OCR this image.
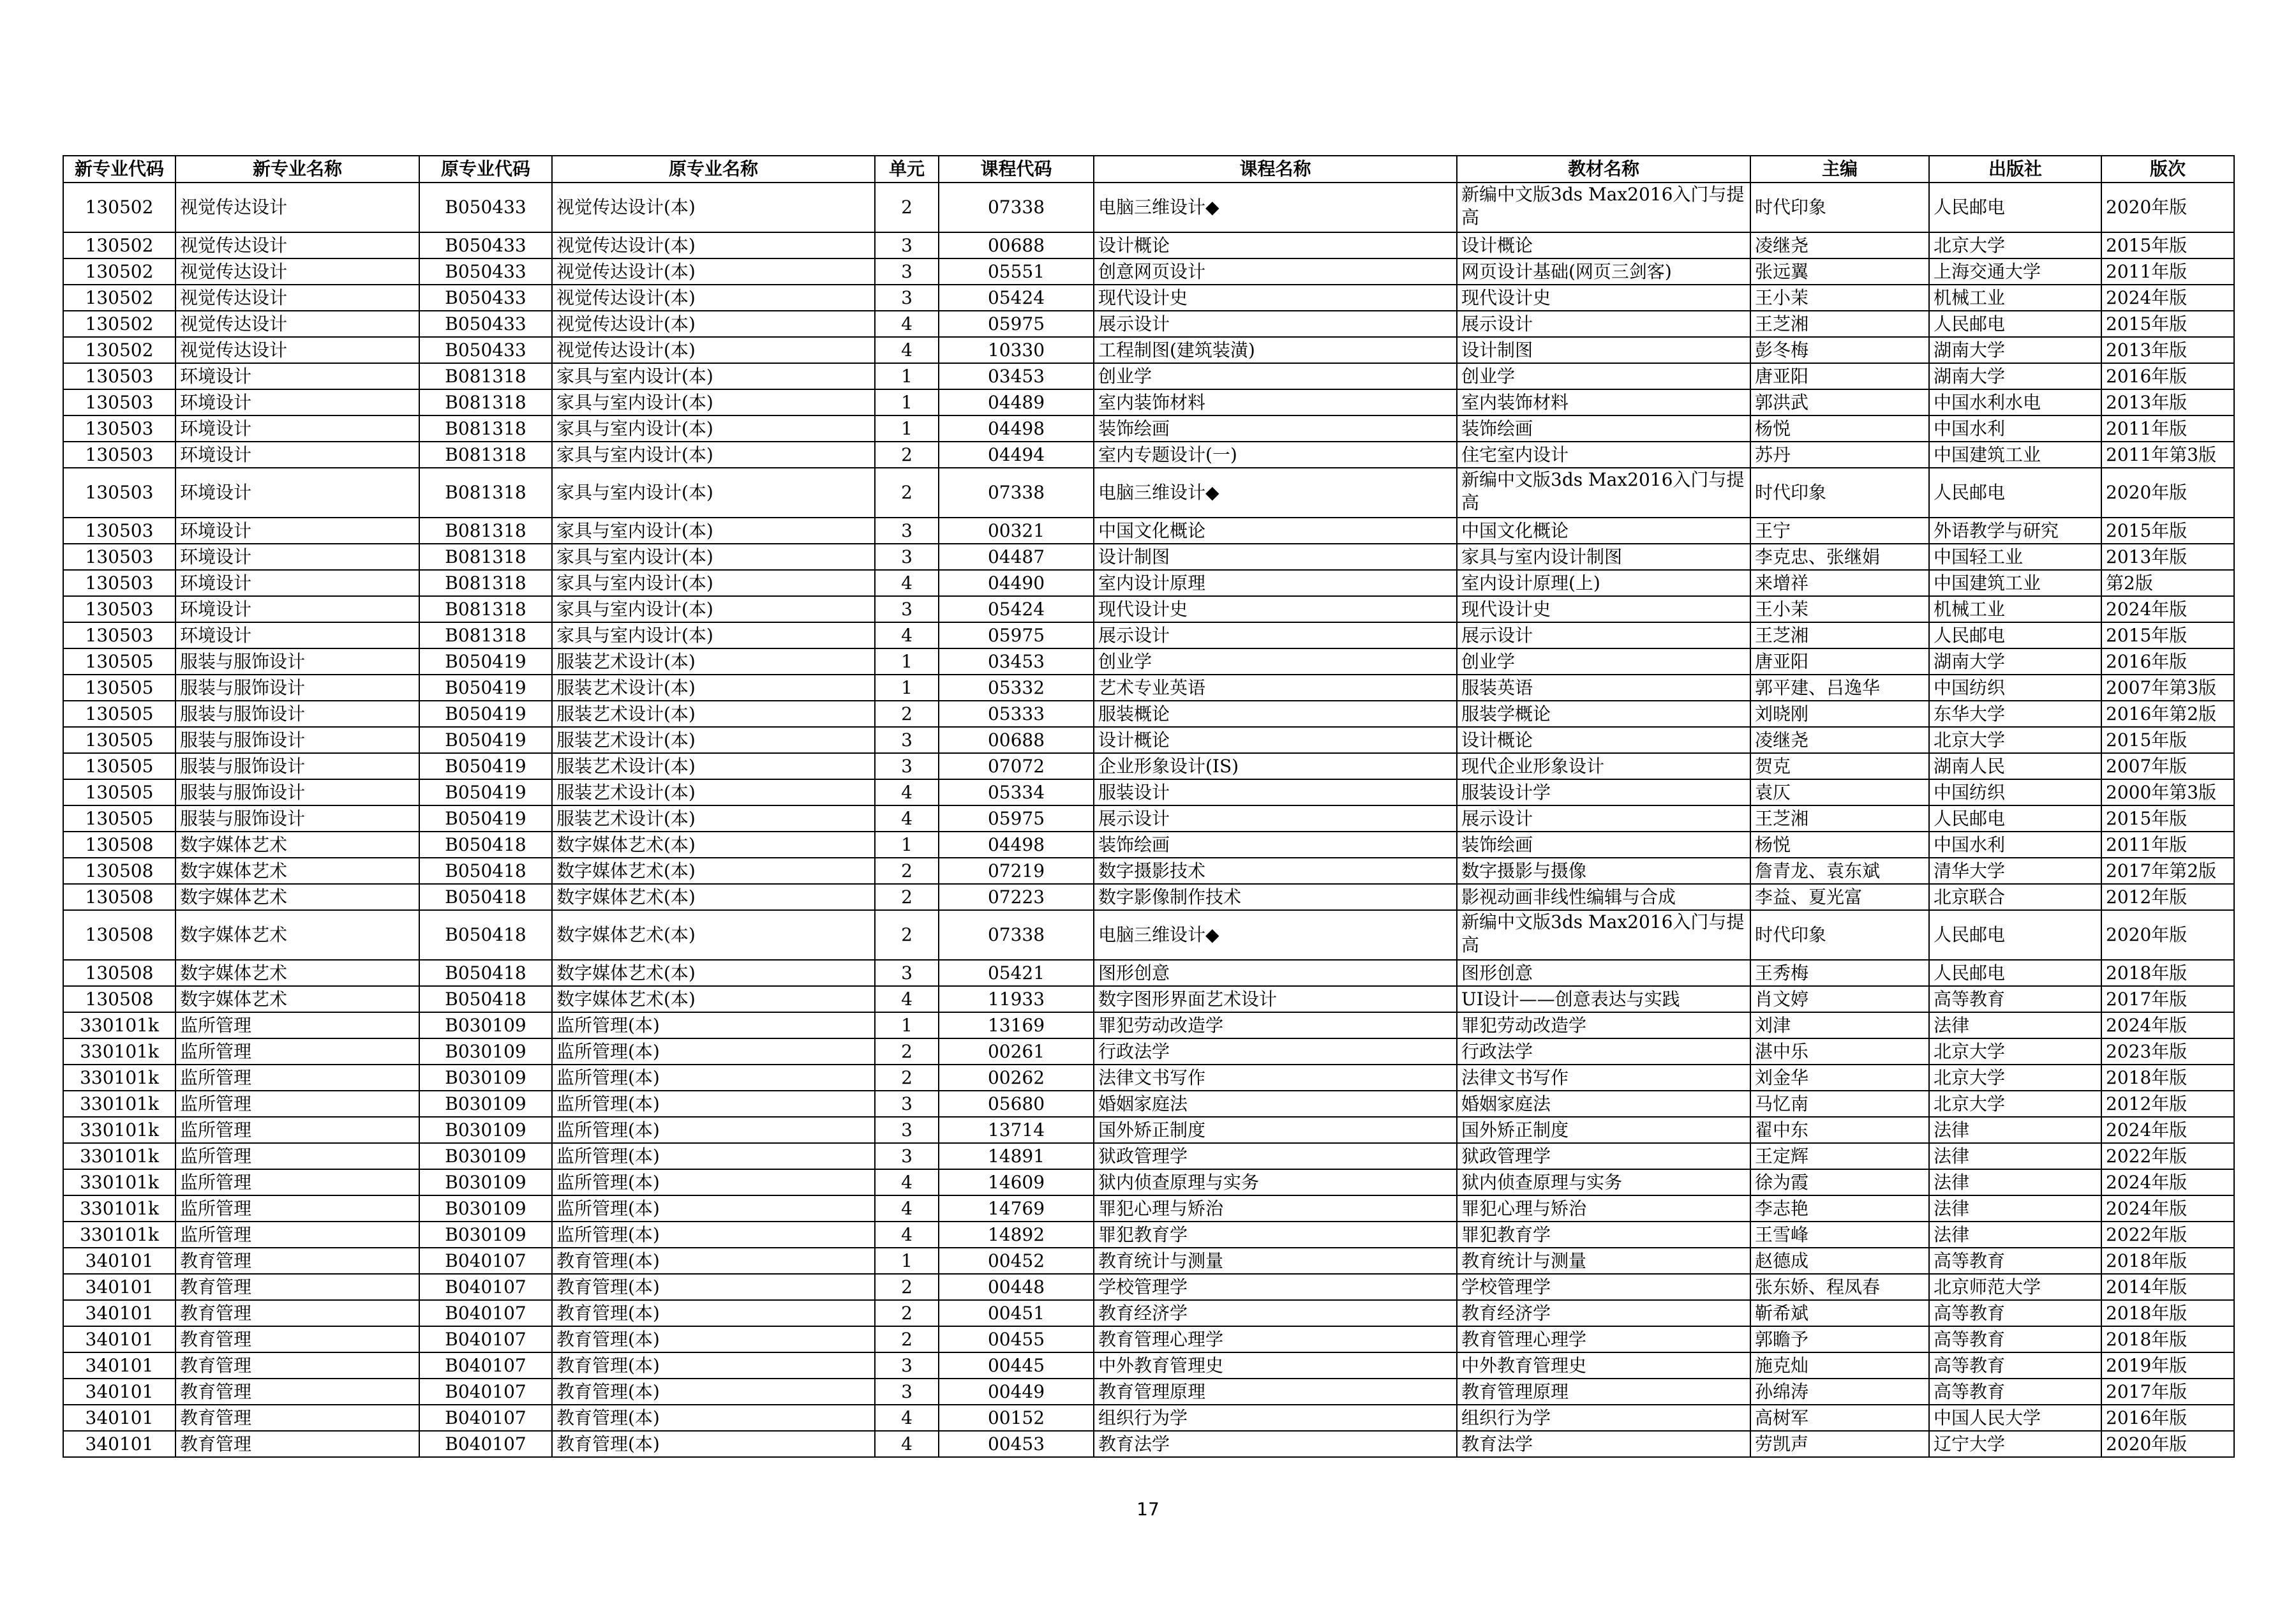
新专业代码	新专业名称	原专业代码	原专业名称	单元	课程代码	课程名称	教材名称	主编	出版社	版次
130502	视觉传达设计	B050433	视觉传达设计(本)	2	07338	电脑三维设计◆	新编中文版3ds Max2016入门与提高	时代印象	人民邮电	2020年版
130502	视觉传达设计	B050433	视觉传达设计(本)	3	00688	设计概论	设计概论	凌继尧	北京大学	2015年版
130502	视觉传达设计	B050433	视觉传达设计(本)	3	05551	创意网页设计	网页设计基础(网页三剑客)	张远翼	上海交通大学	2011年版
130502	视觉传达设计	B050433	视觉传达设计(本)	3	05424	现代设计史	现代设计史	王小茉	机械工业	2024年版
130502	视觉传达设计	B050433	视觉传达设计(本)	4	05975	展示设计	展示设计	王芝湘	人民邮电	2015年版
130502	视觉传达设计	B050433	视觉传达设计(本)	4	10330	工程制图(建筑装潢)	设计制图	彭冬梅	湖南大学	2013年版
130503	环境设计	B081318	家具与室内设计(本)	1	03453	创业学	创业学	唐亚阳	湖南大学	2016年版
130503	环境设计	B081318	家具与室内设计(本)	1	04489	室内装饰材料	室内装饰材料	郭洪武	中国水利水电	2013年版
130503	环境设计	B081318	家具与室内设计(本)	1	04498	装饰绘画	装饰绘画	杨悦	中国水利	2011年版
130503	环境设计	B081318	家具与室内设计(本)	2	04494	室内专题设计(一)	住宅室内设计	苏丹	中国建筑工业	2011年第3版
130503	环境设计	B081318	家具与室内设计(本)	2	07338	电脑三维设计◆	新编中文版3ds Max2016入门与提高	时代印象	人民邮电	2020年版
130503	环境设计	B081318	家具与室内设计(本)	3	00321	中国文化概论	中国文化概论	王宁	外语教学与研究	2015年版
130503	环境设计	B081318	家具与室内设计(本)	3	04487	设计制图	家具与室内设计制图	李克忠、张继娟	中国轻工业	2013年版
130503	环境设计	B081318	家具与室内设计(本)	4	04490	室内设计原理	室内设计原理(上)	来增祥	中国建筑工业	第2版
130503	环境设计	B081318	家具与室内设计(本)	3	05424	现代设计史	现代设计史	王小茉	机械工业	2024年版
130503	环境设计	B081318	家具与室内设计(本)	4	05975	展示设计	展示设计	王芝湘	人民邮电	2015年版
130505	服装与服饰设计	B050419	服装艺术设计(本)	1	03453	创业学	创业学	唐亚阳	湖南大学	2016年版
130505	服装与服饰设计	B050419	服装艺术设计(本)	1	05332	艺术专业英语	服装英语	郭平建、吕逸华	中国纺织	2007年第3版
130505	服装与服饰设计	B050419	服装艺术设计(本)	2	05333	服装概论	服装学概论	刘晓刚	东华大学	2016年第2版
130505	服装与服饰设计	B050419	服装艺术设计(本)	3	00688	设计概论	设计概论	凌继尧	北京大学	2015年版
130505	服装与服饰设计	B050419	服装艺术设计(本)	3	07072	企业形象设计(IS)	现代企业形象设计	贺克	湖南人民	2007年版
130505	服装与服饰设计	B050419	服装艺术设计(本)	4	05334	服装设计	服装设计学	袁仄	中国纺织	2000年第3版
130505	服装与服饰设计	B050419	服装艺术设计(本)	4	05975	展示设计	展示设计	王芝湘	人民邮电	2015年版
130508	数字媒体艺术	B050418	数字媒体艺术(本)	1	04498	装饰绘画	装饰绘画	杨悦	中国水利	2011年版
130508	数字媒体艺术	B050418	数字媒体艺术(本)	2	07219	数字摄影技术	数字摄影与摄像	詹青龙、袁东斌	清华大学	2017年第2版
130508	数字媒体艺术	B050418	数字媒体艺术(本)	2	07223	数字影像制作技术	影视动画非线性编辑与合成	李益、夏光富	北京联合	2012年版
130508	数字媒体艺术	B050418	数字媒体艺术(本)	2	07338	电脑三维设计◆	新编中文版3ds Max2016入门与提高	时代印象	人民邮电	2020年版
130508	数字媒体艺术	B050418	数字媒体艺术(本)	3	05421	图形创意	图形创意	王秀梅	人民邮电	2018年版
130508	数字媒体艺术	B050418	数字媒体艺术(本)	4	11933	数字图形界面艺术设计	UI设计——创意表达与实践	肖文婷	高等教育	2017年版
330101k	监所管理	B030109	监所管理(本)	1	13169	罪犯劳动改造学	罪犯劳动改造学	刘津	法律	2024年版
330101k	监所管理	B030109	监所管理(本)	2	00261	行政法学	行政法学	湛中乐	北京大学	2023年版
330101k	监所管理	B030109	监所管理(本)	2	00262	法律文书写作	法律文书写作	刘金华	北京大学	2018年版
330101k	监所管理	B030109	监所管理(本)	3	05680	婚姻家庭法	婚姻家庭法	马忆南	北京大学	2012年版
330101k	监所管理	B030109	监所管理(本)	3	13714	国外矫正制度	国外矫正制度	翟中东	法律	2024年版
330101k	监所管理	B030109	监所管理(本)	3	14891	狱政管理学	狱政管理学	王定辉	法律	2022年版
330101k	监所管理	B030109	监所管理(本)	4	14609	狱内侦查原理与实务	狱内侦查原理与实务	徐为霞	法律	2024年版
330101k	监所管理	B030109	监所管理(本)	4	14769	罪犯心理与矫治	罪犯心理与矫治	李志艳	法律	2024年版
330101k	监所管理	B030109	监所管理(本)	4	14892	罪犯教育学	罪犯教育学	王雪峰	法律	2022年版
340101	教育管理	B040107	教育管理(本)	1	00452	教育统计与测量	教育统计与测量	赵德成	高等教育	2018年版
340101	教育管理	B040107	教育管理(本)	2	00448	学校管理学	学校管理学	张东娇、程凤春	北京师范大学	2014年版
340101	教育管理	B040107	教育管理(本)	2	00451	教育经济学	教育经济学	靳希斌	高等教育	2018年版
340101	教育管理	B040107	教育管理(本)	2	00455	教育管理心理学	教育管理心理学	郭瞻予	高等教育	2018年版
340101	教育管理	B040107	教育管理(本)	3	00445	中外教育管理史	中外教育管理史	施克灿	高等教育	2019年版
340101	教育管理	B040107	教育管理(本)	3	00449	教育管理原理	教育管理原理	孙绵涛	高等教育	2017年版
340101	教育管理	B040107	教育管理(本)	4	00152	组织行为学	组织行为学	高树军	中国人民大学	2016年版
340101	教育管理	B040107	教育管理(本)	4	00453	教育法学	教育法学	劳凯声	辽宁大学	2020年版
17
